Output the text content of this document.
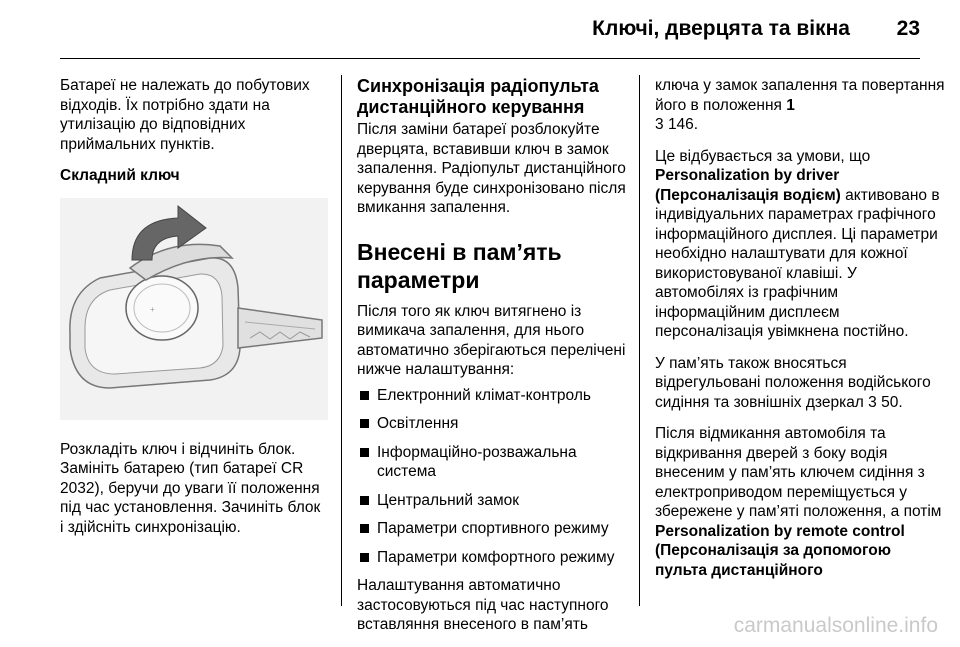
Ключі, дверцята та вікна 23

Батареї не належать до побутових відходів. Їх потрібно здати на утилізацію до відповідних приймальних пунктів.

Складний ключ

+

Розкладіть ключ і відчиніть блок. Замініть батарею (тип батареї CR 2032), беручи до уваги її положення під час установлення. Зачиніть блок і здійсніть синхронізацію.

Синхронізація радіопульта дистанційного керування

Після заміни батареї розблокуйте дверцята, вставивши ключ в замок запалення. Радіопульт дистанційного керування буде синхронізовано після вмикання запалення.

Внесені в пам’ять параметри

Після того як ключ витягнено із вимикача запалення, для нього автоматично зберігаються перелічені нижче налаштування:

Електронний клімат-контроль
Освітлення
Інформаційно-розважальна система
Центральний замок
Параметри спортивного режиму
Параметри комфортного режиму

Налаштування автоматично застосовуються під час наступного вставляння внесеного в пам’ять

ключа у замок запалення та повертання його в положення 1
3 146.

Це відбувається за умови, що Personalization by driver (Персоналізація водієм) активовано в індивідуальних параметрах графічного інформаційного дисплея. Ці параметри необхідно налаштувати для кожної використовуваної клавіші. У автомобілях із графічним інформаційним дисплеєм персоналізація увімкнена постійно.

У пам’ять також вносяться відрегульовані положення водійського сидіння та зовнішніх дзеркал 3 50.

Після відмикання автомобіля та відкривання дверей з боку водія внесеним у пам’ять ключем сидіння з електроприводом переміщується у збережене у пам’яті положення, а потім Personalization by remote control (Персоналізація за допомогою пульта дистанційного

carmanualsonline.info
